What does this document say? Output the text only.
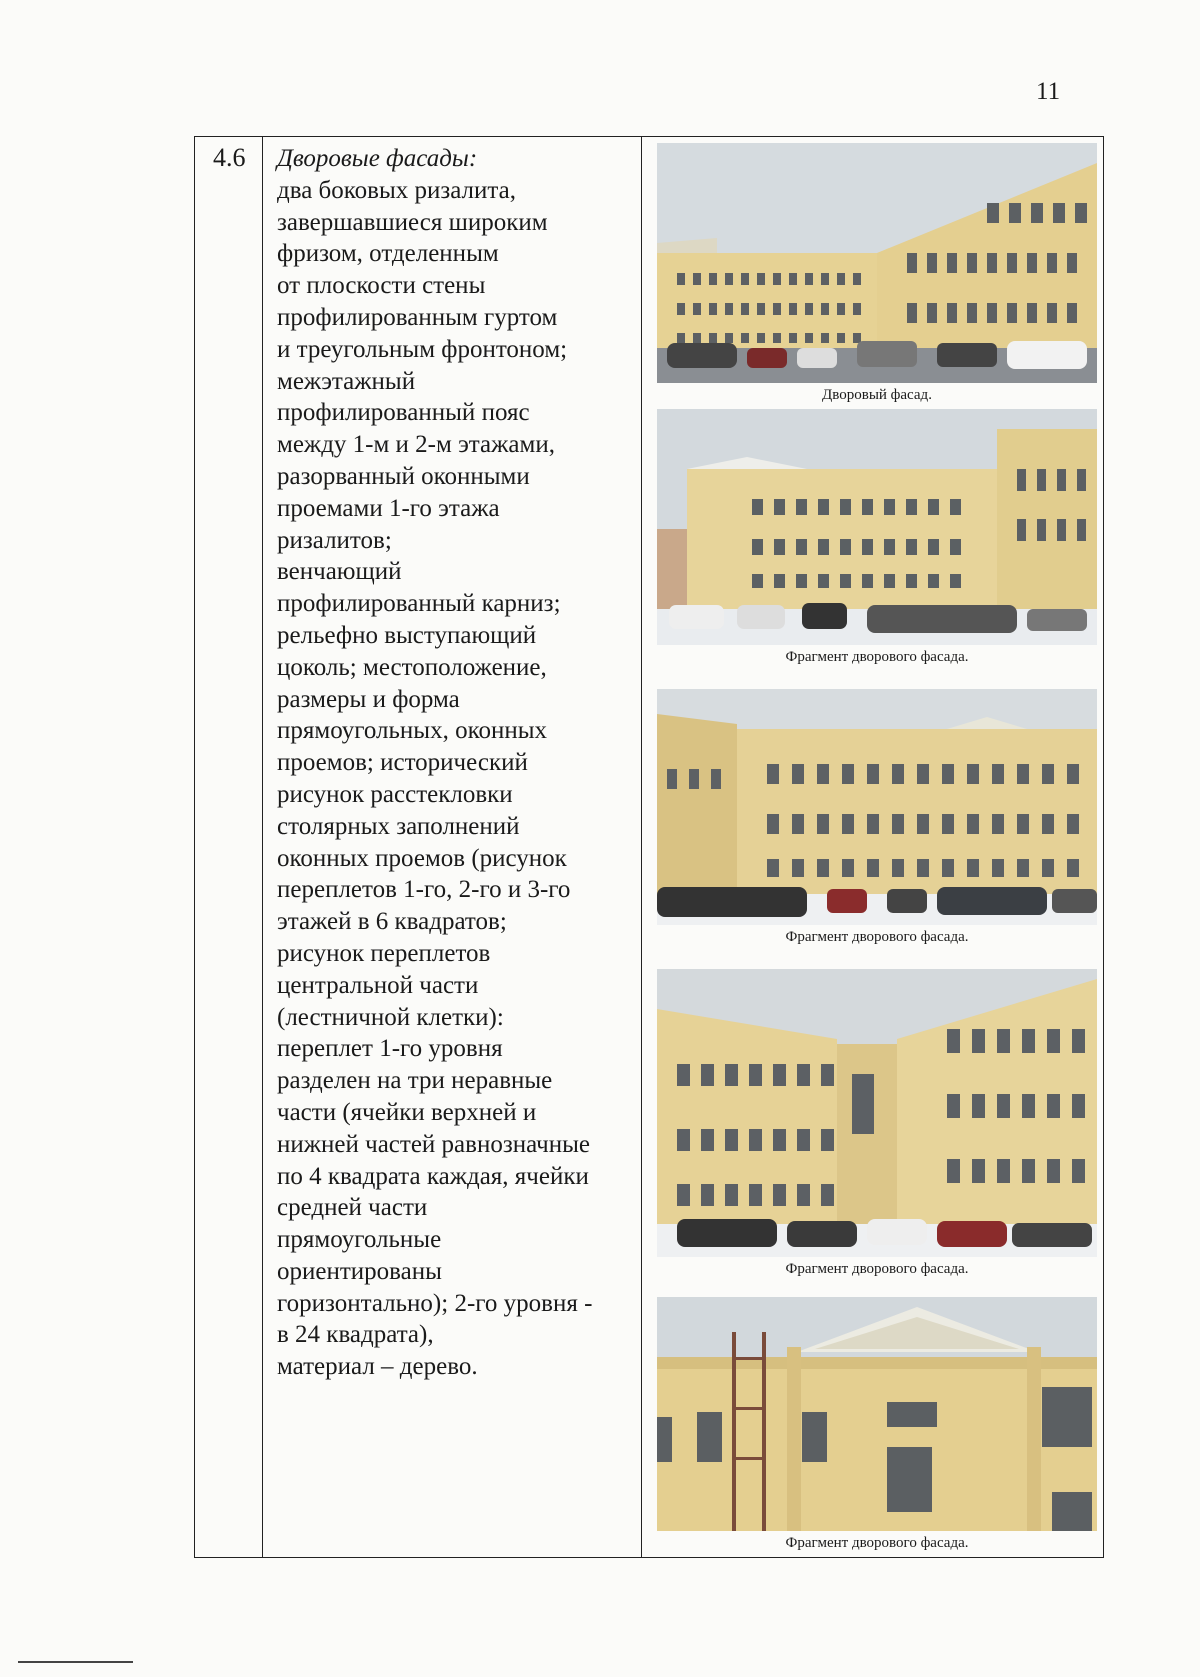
11
4.6 Дворовые фасады:
два боковых ризалита,
завершавшиеся широким
фризом, отделенным
от плоскости стены
профилированным гуртом
и треугольным фронтоном;
межэтажный
профилированный пояс
между 1-м и 2-м этажами,
разорванный оконными
проемами 1-го этажа
ризалитов;
венчающий
профилированный карниз;
рельефно выступающий
цоколь; местоположение,
размеры и форма
прямоугольных, оконных
проемов; исторический
рисунок расстекловки
столярных заполнений
оконных проемов (рисунок
переплетов 1-го, 2-го и 3-го
этажей в 6 квадратов;
рисунок переплетов
центральной части
(лестничной клетки):
переплет 1-го уровня
разделен на три неравные
части (ячейки верхней и
нижней частей равнозначные
по 4 квадрата каждая, ячейки
средней части
прямоугольные
ориентированы
горизонтально); 2-го уровня -
в 24 квадрата),
материал – дерево.
Дворовый фасад.
Фрагмент дворового фасада.
Фрагмент дворового фасада.
Фрагмент дворового фасада.
Фрагмент дворового фасада.
